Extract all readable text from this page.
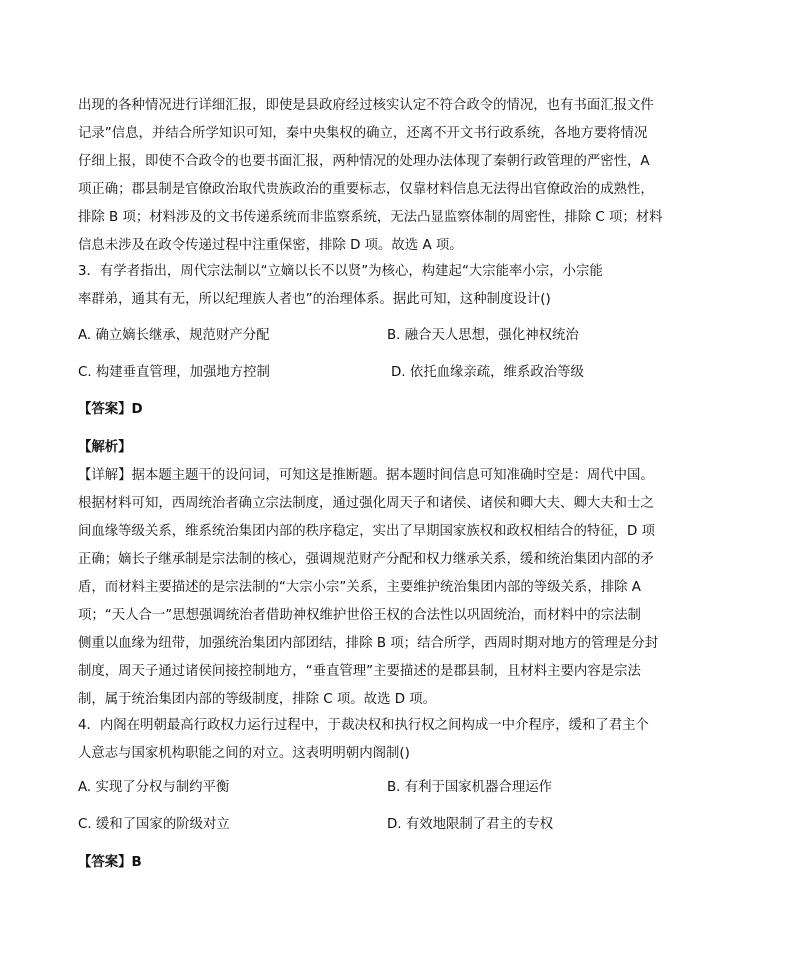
出现的各种情况进行详细汇报，即使是县政府经过核实认定不符合政令的情况，也有书面汇报文件
记录”信息，并结合所学知识可知，秦中央集权的确立，还离不开文书行政系统，各地方要将情况
仔细上报，即使不合政令的也要书面汇报，两种情况的处理办法体现了秦朝行政管理的严密性，A
项正确；郡县制是官僚政治取代贵族政治的重要标志，仅靠材料信息无法得出官僚政治的成熟性，
排除 B 项；材料涉及的文书传递系统而非监察系统，无法凸显监察体制的周密性，排除 C 项；材料
信息未涉及在政令传递过程中注重保密，排除 D 项。故选 A 项。
3．有学者指出，周代宗法制以“立嫡以长不以贤”为核心，构建起“大宗能率小宗，小宗能
率群弟，通其有无，所以纪理族人者也”的治理体系。据此可知，这种制度设计()
A. 确立嫡长继承，规范财产分配	B. 融合天人思想，强化神权统治
C. 构建垂直管理，加强地方控制	D. 依托血缘亲疏，维系政治等级
【答案】D
【解析】
【详解】据本题主题干的设问词，可知这是推断题。据本题时间信息可知准确时空是：周代中国。
根据材料可知，西周统治者确立宗法制度，通过强化周天子和诸侯、诸侯和卿大夫、卿大夫和士之
间血缘等级关系，维系统治集团内部的秩序稳定，实出了早期国家族权和政权相结合的特征，D 项
正确；嫡长子继承制是宗法制的核心，强调规范财产分配和权力继承关系，缓和统治集团内部的矛
盾，而材料主要描述的是宗法制的“大宗小宗”关系，主要维护统治集团内部的等级关系，排除 A
项；“天人合一”思想强调统治者借助神权维护世俗王权的合法性以巩固统治，而材料中的宗法制
侧重以血缘为纽带，加强统治集团内部团结，排除 B 项；结合所学，西周时期对地方的管理是分封
制度，周天子通过诸侯间接控制地方，“垂直管理”主要描述的是郡县制，且材料主要内容是宗法
制，属于统治集团内部的等级制度，排除 C 项。故选 D 项。
4．内阁在明朝最高行政权力运行过程中，于裁决权和执行权之间构成一中介程序，缓和了君主个
人意志与国家机构职能之间的对立。这表明明朝内阁制()
A. 实现了分权与制约平衡	B. 有利于国家机器合理运作
C. 缓和了国家的阶级对立	D. 有效地限制了君主的专权
【答案】B
